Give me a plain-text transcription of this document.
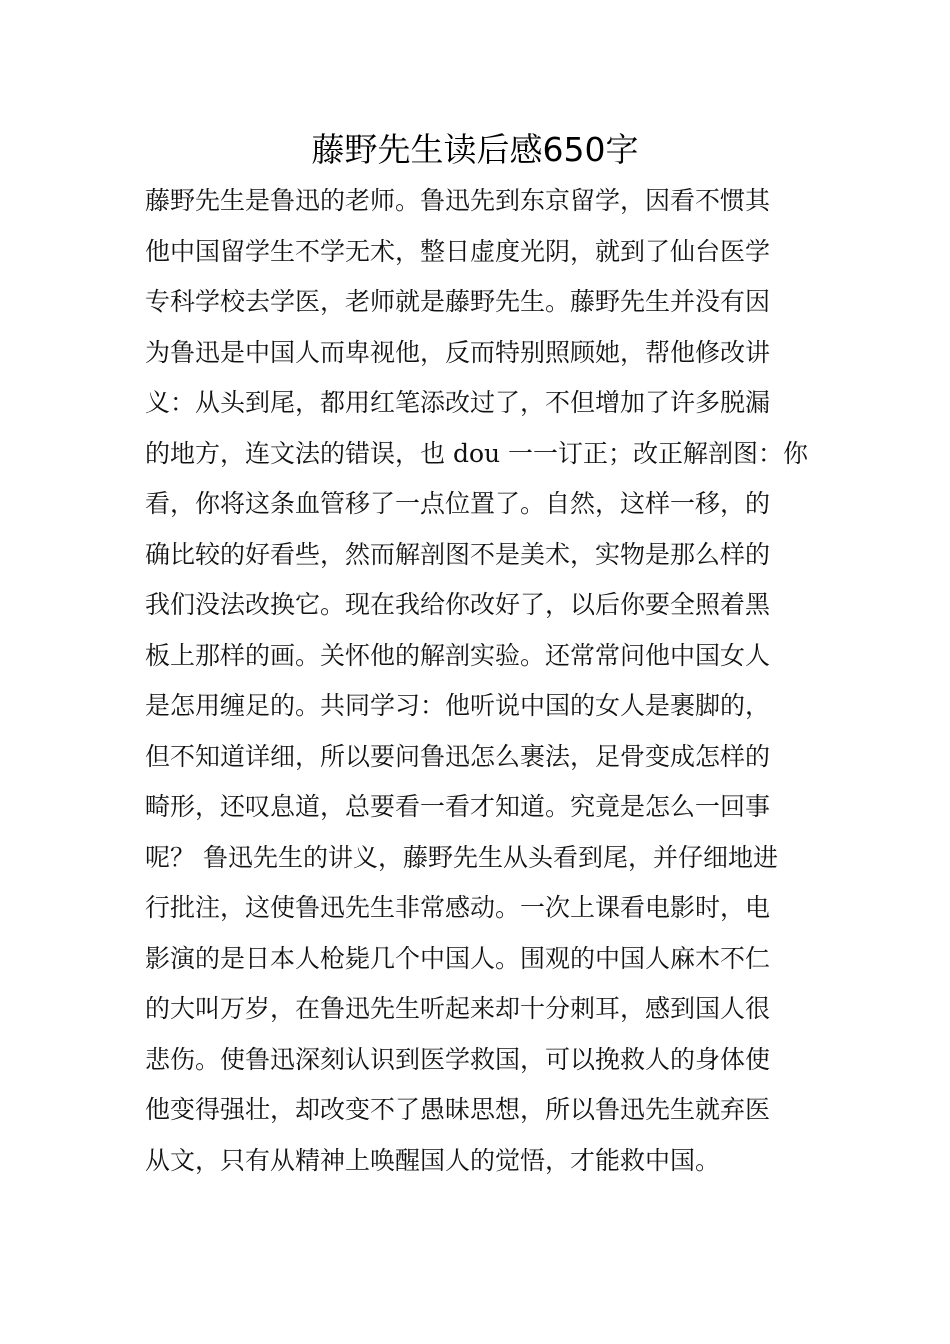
藤野先生读后感650字
藤野先生是鲁迅的老师。鲁迅先到东京留学，因看不惯其
他中国留学生不学无术，整日虚度光阴，就到了仙台医学
专科学校去学医，老师就是藤野先生。藤野先生并没有因
为鲁迅是中国人而卑视他，反而特别照顾她，帮他修改讲
义：从头到尾，都用红笔添改过了，不但增加了许多脱漏
的地方，连文法的错误，也 dou 一一订正；改正解剖图：你
看，你将这条血管移了一点位置了。自然，这样一移，的
确比较的好看些，然而解剖图不是美术，实物是那么样的
我们没法改换它。现在我给你改好了，以后你要全照着黑
板上那样的画。关怀他的解剖实验。还常常问他中国女人
是怎用缠足的。共同学习：他听说中国的女人是裹脚的，
但不知道详细，所以要问鲁迅怎么裹法，足骨变成怎样的
畸形，还叹息道，总要看一看才知道。究竟是怎么一回事
呢？ 鲁迅先生的讲义，藤野先生从头看到尾，并仔细地进
行批注，这使鲁迅先生非常感动。一次上课看电影时，电
影演的是日本人枪毙几个中国人。围观的中国人麻木不仁
的大叫万岁，在鲁迅先生听起来却十分刺耳，感到国人很
悲伤。使鲁迅深刻认识到医学救国，可以挽救人的身体使
他变得强壮，却改变不了愚昧思想，所以鲁迅先生就弃医
从文，只有从精神上唤醒国人的觉悟，才能救中国。
